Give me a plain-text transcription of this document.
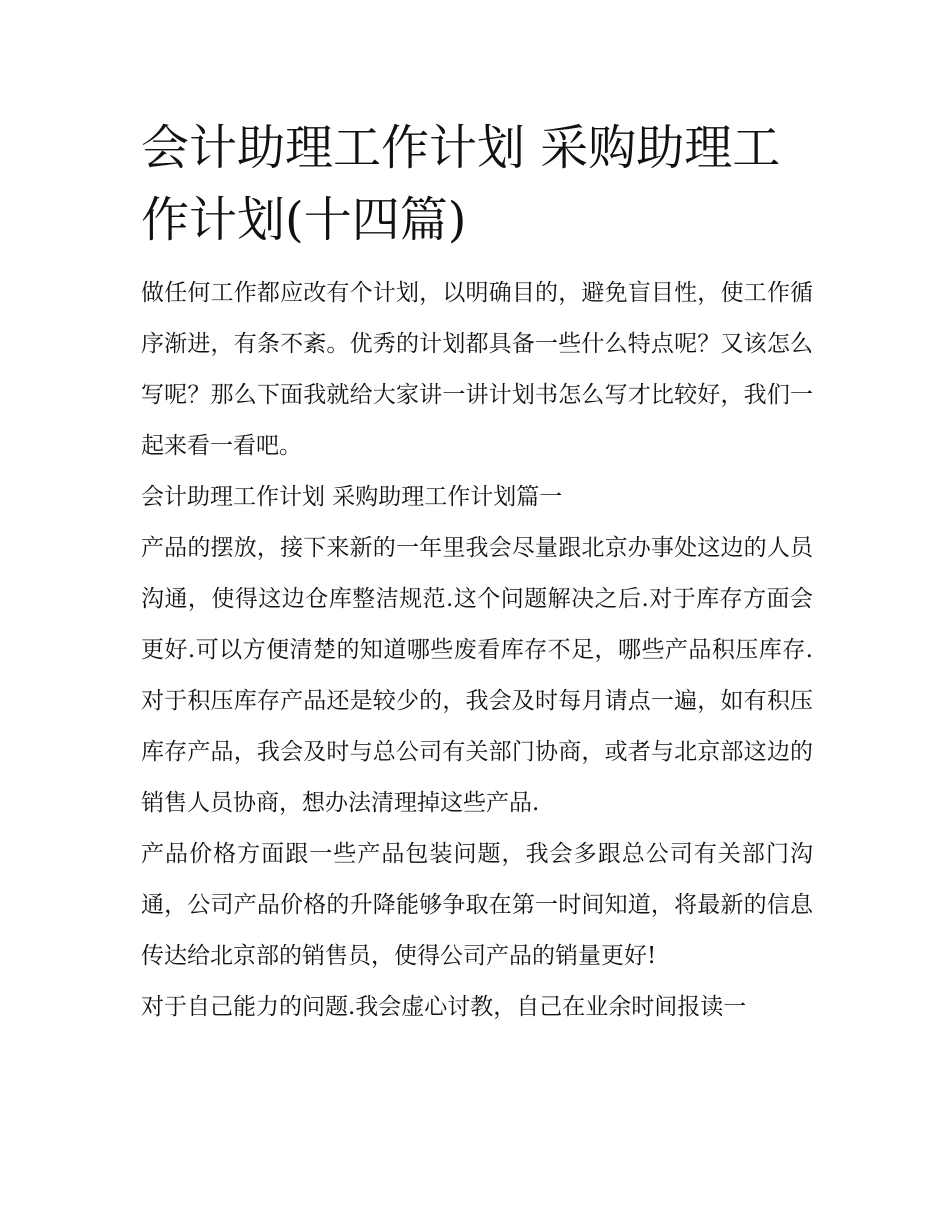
会计助理工作计划 采购助理工作计划(十四篇)

做任何工作都应改有个计划，以明确目的，避免盲目性，使工作循序渐进，有条不紊。优秀的计划都具备一些什么特点呢？又该怎么写呢？那么下面我就给大家讲一讲计划书怎么写才比较好，我们一起来看一看吧。

会计助理工作计划 采购助理工作计划篇一

产品的摆放，接下来新的一年里我会尽量跟北京办事处这边的人员沟通，使得这边仓库整洁规范.这个问题解决之后.对于库存方面会更好.可以方便清楚的知道哪些废看库存不足，哪些产品积压库存.对于积压库存产品还是较少的，我会及时每月请点一遍，如有积压库存产品，我会及时与总公司有关部门协商，或者与北京部这边的销售人员协商，想办法清理掉这些产品.

产品价格方面跟一些产品包装问题，我会多跟总公司有关部门沟通，公司产品价格的升降能够争取在第一时间知道，将最新的信息传达给北京部的销售员，使得公司产品的销量更好!

对于自己能力的问题.我会虚心讨教，自己在业余时间报读一
